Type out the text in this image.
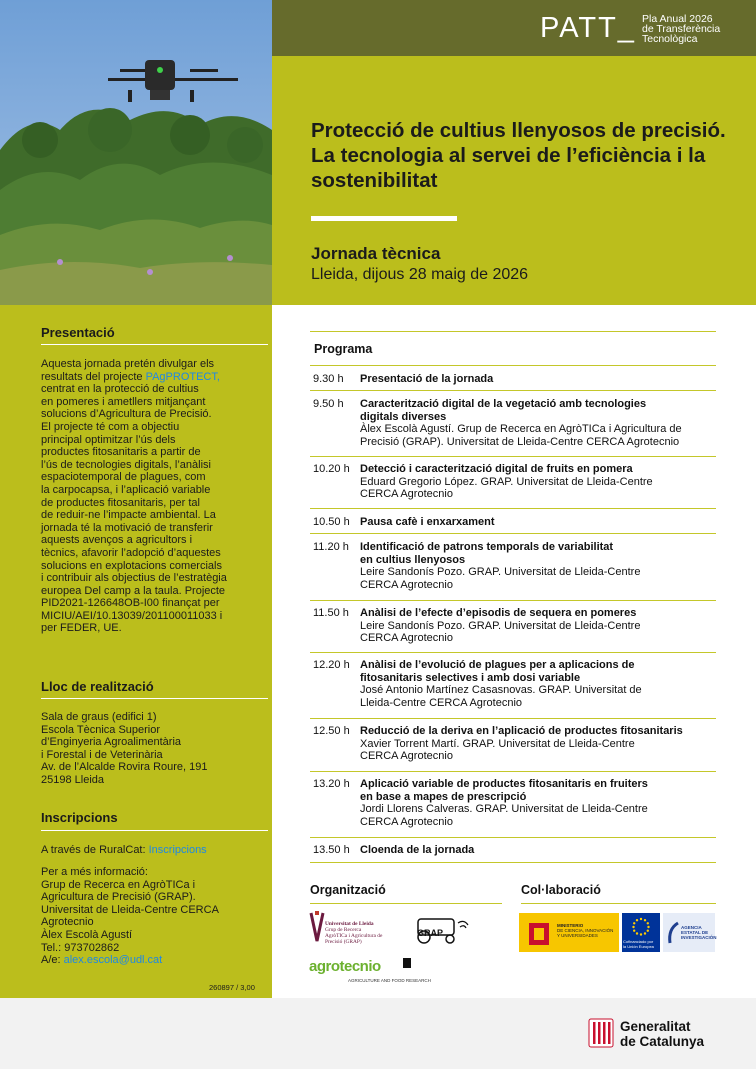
PATT_ Pla Anual 2026
de Transferència
Tecnològica
Protecció de cultius llenyosos de precisió. La tecnologia al servei de l’eficiència i la sostenibilitat
Jornada tècnica
Lleida, dijous 28 maig de 2026
Presentació
Aquesta jornada pretén divulgar els
resultats del projecte PAgPROTECT,
centrat en la protecció de cultius
en pomeres i ametllers mitjançant
solucions d’Agricultura de Precisió.
El projecte té com a objectiu
principal optimitzar l’ús dels
productes fitosanitaris a partir de
l’ús de tecnologies digitals, l’anàlisi
espaciotemporal de plagues, com
la carpocapsa, i l’aplicació variable
de productes fitosanitaris, per tal
de reduir-ne l’impacte ambiental. La
jornada té la motivació de transferir
aquests avenços a agricultors i
tècnics, afavorir l’adopció d’aquestes
solucions en explotacions comercials
i contribuir als objectius de l’estratègia
europea Del camp a la taula. Projecte
PID2021-126648OB-I00 finançat per
MICIU/AEI/10.13039/201100011033 i
per FEDER, UE.
Lloc de realització
Sala de graus (edifici 1)
Escola Tècnica Superior
d’Enginyeria Agroalimentària
i Forestal i de Veterinària
Av. de l’Alcalde Rovira Roure, 191
25198 Lleida
Inscripcions
A través de RuralCat: Inscripcions
Per a més informació:
Grup de Recerca en AgròTICa i
Agricultura de Precisió (GRAP).
Universitat de Lleida-Centre CERCA
Agrotecnio
Àlex Escolà Agustí
Tel.: 973702862
A/e: alex.escola@udl.cat
260897 / 3,00
Programa
9.30 h Presentació de la jornada
9.50 h Caracterització digital de la vegetació amb tecnologies
digitals diverses
Àlex Escolà Agustí. Grup de Recerca en AgròTICa i Agricultura de
Precisió (GRAP). Universitat de Lleida-Centre CERCA Agrotecnio
10.20 h Detecció i caracterització digital de fruits en pomera
Eduard Gregorio López. GRAP. Universitat de Lleida-Centre
CERCA Agrotecnio
10.50 h Pausa cafè i enxarxament
11.20 h Identificació de patrons temporals de variabilitat
en cultius llenyosos
Leire Sandonís Pozo. GRAP. Universitat de Lleida-Centre
CERCA Agrotecnio
11.50 h Anàlisi de l’efecte d’episodis de sequera en pomeres
Leire Sandonís Pozo. GRAP. Universitat de Lleida-Centre
CERCA Agrotecnio
12.20 h Anàlisi de l’evolució de plagues per a aplicacions de
fitosanitaris selectives i amb dosi variable
José Antonio Martínez Casasnovas. GRAP. Universitat de
Lleida-Centre CERCA Agrotecnio
12.50 h Reducció de la deriva en l’aplicació de productes fitosanitaris
Xavier Torrent Martí. GRAP. Universitat de Lleida-Centre
CERCA Agrotecnio
13.20 h Aplicació variable de productes fitosanitaris en fruiters
en base a mapes de prescripció
Jordi Llorens Calveras. GRAP. Universitat de Lleida-Centre
CERCA Agrotecnio
13.50 h Cloenda de la jornada
Organització
Universitat de Lleida
Grup de Recerca
AgròTICa i Agricultura de
Precisió (GRAP)
GRAP
agrotecnio
AGRICULTURE AND FOOD RESEARCH
Col·laboració
MINISTERIO
DE CIENCIA, INNOVACIÓN
Y UNIVERSIDADES
Cofinanciado por
la Unión Europea
AGENCIA
ESTATAL DE
INVESTIGACIÓN
Generalitat
de Catalunya
